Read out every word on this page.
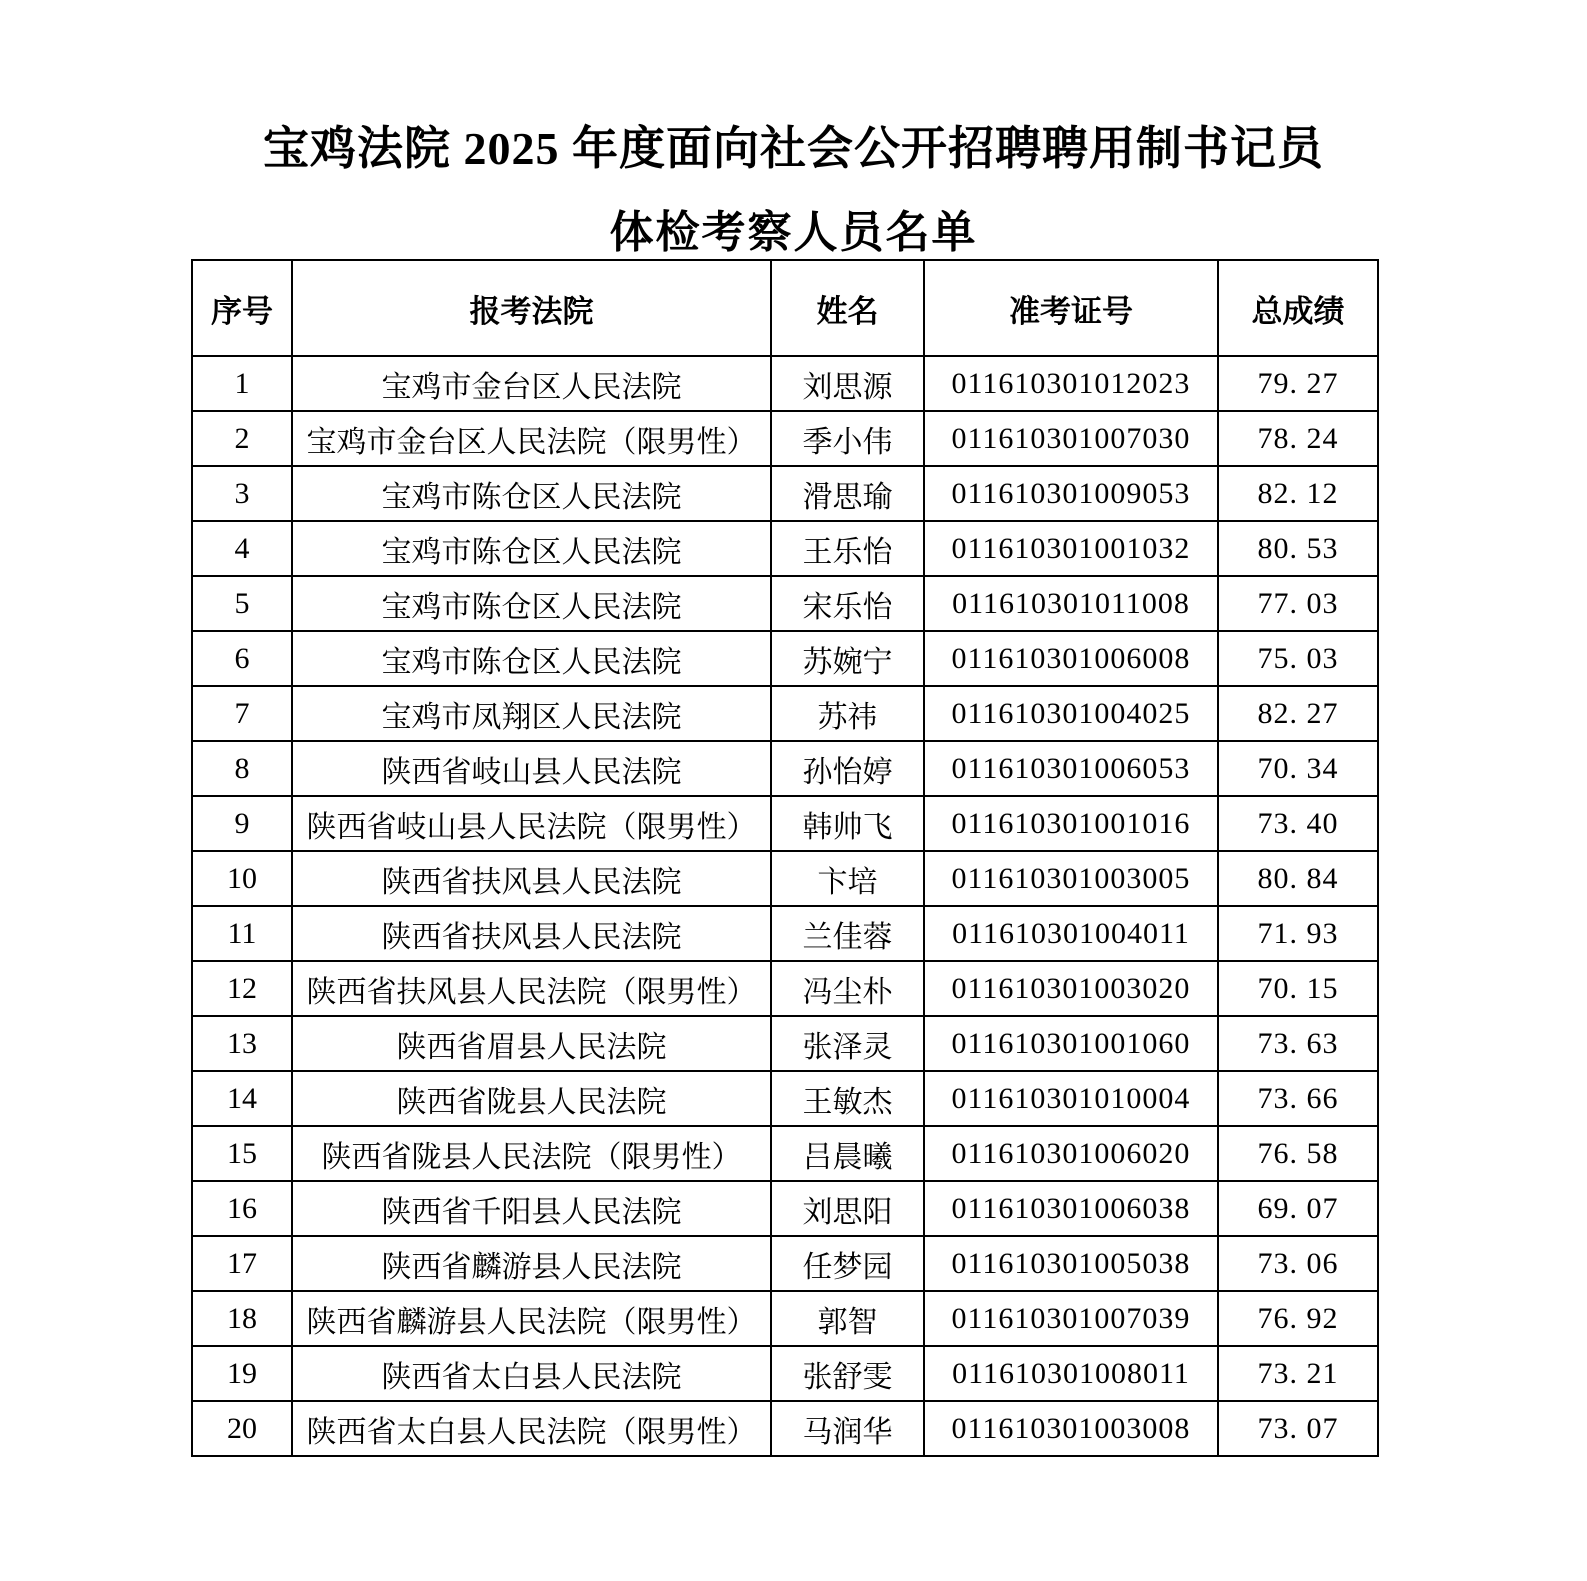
宝鸡法院 2025 年度面向社会公开招聘聘用制书记员
体检考察人员名单
序号	报考法院	姓名	准考证号	总成绩
1	宝鸡市金台区人民法院	刘思源	011610301012023	79. 27
2	宝鸡市金台区人民法院（限男性）	季小伟	011610301007030	78. 24
3	宝鸡市陈仓区人民法院	滑思瑜	011610301009053	82. 12
4	宝鸡市陈仓区人民法院	王乐怡	011610301001032	80. 53
5	宝鸡市陈仓区人民法院	宋乐怡	011610301011008	77. 03
6	宝鸡市陈仓区人民法院	苏婉宁	011610301006008	75. 03
7	宝鸡市凤翔区人民法院	苏祎	011610301004025	82. 27
8	陕西省岐山县人民法院	孙怡婷	011610301006053	70. 34
9	陕西省岐山县人民法院（限男性）	韩帅飞	011610301001016	73. 40
10	陕西省扶风县人民法院	卞培	011610301003005	80. 84
11	陕西省扶风县人民法院	兰佳蓉	011610301004011	71. 93
12	陕西省扶风县人民法院（限男性）	冯尘朴	011610301003020	70. 15
13	陕西省眉县人民法院	张泽灵	011610301001060	73. 63
14	陕西省陇县人民法院	王敏杰	011610301010004	73. 66
15	陕西省陇县人民法院（限男性）	吕晨曦	011610301006020	76. 58
16	陕西省千阳县人民法院	刘思阳	011610301006038	69. 07
17	陕西省麟游县人民法院	任梦园	011610301005038	73. 06
18	陕西省麟游县人民法院（限男性）	郭智	011610301007039	76. 92
19	陕西省太白县人民法院	张舒雯	011610301008011	73. 21
20	陕西省太白县人民法院（限男性）	马润华	011610301003008	73. 07
